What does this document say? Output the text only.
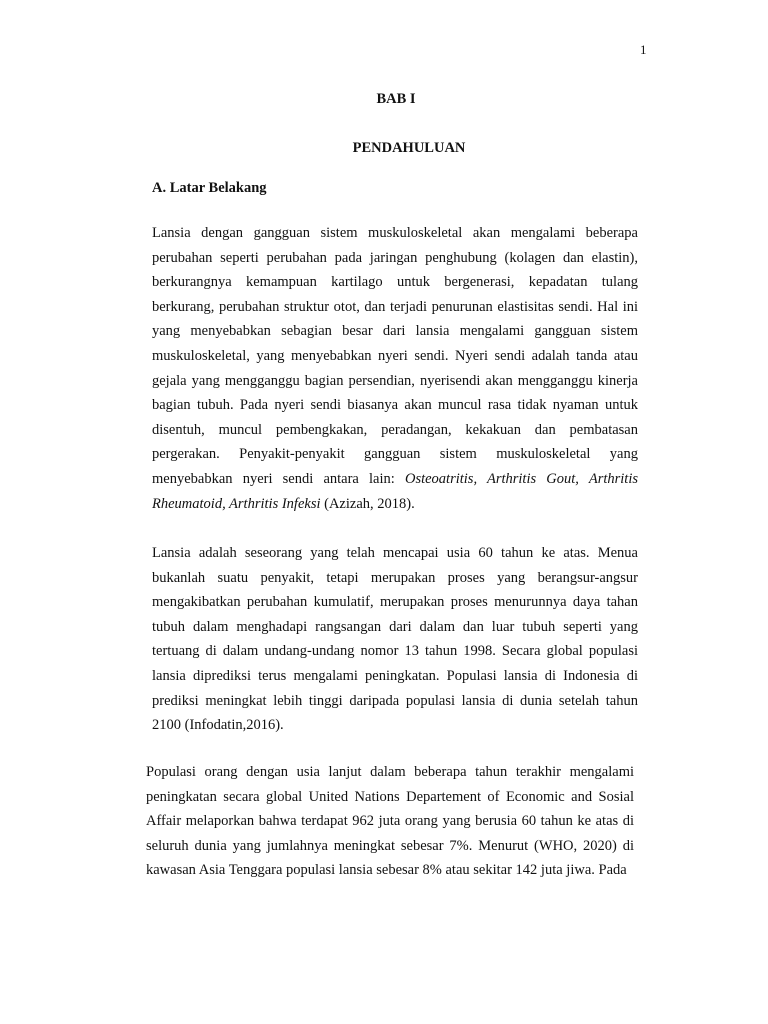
1
BAB I
PENDAHULUAN
A. Latar Belakang

Lansia dengan gangguan sistem muskuloskeletal akan mengalami beberapa perubahan seperti perubahan pada jaringan penghubung (kolagen dan elastin), berkurangnya kemampuan kartilago untuk bergenerasi, kepadatan tulang berkurang, perubahan struktur otot, dan terjadi penurunan elastisitas sendi. Hal ini yang menyebabkan sebagian besar dari lansia mengalami gangguan sistem muskuloskeletal, yang menyebabkan nyeri sendi. Nyeri sendi adalah tanda atau gejala yang mengganggu bagian persendian, nyerisendi akan mengganggu kinerja bagian tubuh. Pada nyeri sendi biasanya akan muncul rasa tidak nyaman untuk disentuh, muncul pembengkakan, peradangan, kekakuan dan pembatasan pergerakan. Penyakit-penyakit gangguan sistem muskuloskeletal yang menyebabkan nyeri sendi antara lain: Osteoatritis, Arthritis Gout, Arthritis Rheumatoid, Arthritis Infeksi (Azizah, 2018).

Lansia adalah seseorang yang telah mencapai usia 60 tahun ke atas. Menua bukanlah suatu penyakit, tetapi merupakan proses yang berangsur-angsur mengakibatkan perubahan kumulatif, merupakan proses menurunnya daya tahan tubuh dalam menghadapi rangsangan dari dalam dan luar tubuh seperti yang tertuang di dalam undang-undang nomor 13 tahun 1998. Secara global populasi lansia diprediksi terus mengalami peningkatan. Populasi lansia di Indonesia di prediksi meningkat lebih tinggi daripada populasi lansia di dunia setelah tahun 2100 (Infodatin,2016).

Populasi orang dengan usia lanjut dalam beberapa tahun terakhir mengalami peningkatan secara global United Nations Departement of Economic and Sosial Affair melaporkan bahwa terdapat 962 juta orang yang berusia 60 tahun ke atas di seluruh dunia yang jumlahnya meningkat sebesar 7%. Menurut (WHO, 2020) di kawasan Asia Tenggara populasi lansia sebesar 8% atau sekitar 142 juta jiwa. Pada
